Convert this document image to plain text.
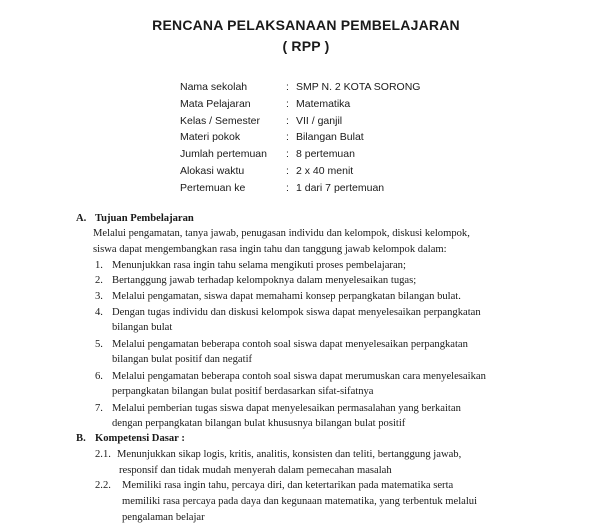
RENCANA PELAKSANAAN PEMBELAJARAN
( RPP )
Nama sekolah	: SMP N. 2 KOTA SORONG
Mata Pelajaran	: Matematika
Kelas / Semester : VII / ganjil
Materi pokok	: Bilangan Bulat
Jumlah pertemuan : 8 pertemuan
Alokasi waktu	: 2 x 40 menit
Pertemuan ke	: 1 dari 7 pertemuan
A. Tujuan Pembelajaran
Melalui pengamatan, tanya jawab, penugasan individu dan kelompok, diskusi kelompok,
siswa dapat mengembangkan rasa ingin tahu dan tanggung jawab kelompok dalam:
1. Menunjukkan rasa ingin tahu selama mengikuti proses pembelajaran;
2. Bertanggung jawab terhadap kelompoknya dalam menyelesaikan tugas;
3. Melalui pengamatan, siswa dapat memahami konsep perpangkatan bilangan bulat.
4. Dengan tugas individu dan diskusi kelompok siswa dapat menyelesaikan perpangkatan
bilangan bulat
5. Melalui pengamatan beberapa contoh soal siswa dapat menyelesaikan perpangkatan
bilangan bulat positif dan negatif
6. Melalui pengamatan beberapa contoh soal siswa dapat merumuskan cara menyelesaikan
perpangkatan bilangan bulat positif berdasarkan sifat-sifatnya
7. Melalui pemberian tugas siswa dapat menyelesaikan permasalahan yang berkaitan
dengan perpangkatan bilangan bulat khususnya bilangan bulat positif
B. Kompetensi Dasar :
2.1. Menunjukkan sikap logis, kritis, analitis, konsisten dan teliti, bertanggung jawab,
responsif dan tidak mudah menyerah dalam pemecahan masalah
2.2. Memiliki rasa ingin tahu, percaya diri, dan ketertarikan pada matematika serta
memiliki rasa percaya pada daya dan kegunaan matematika, yang terbentuk melalui
pengalaman belajar
